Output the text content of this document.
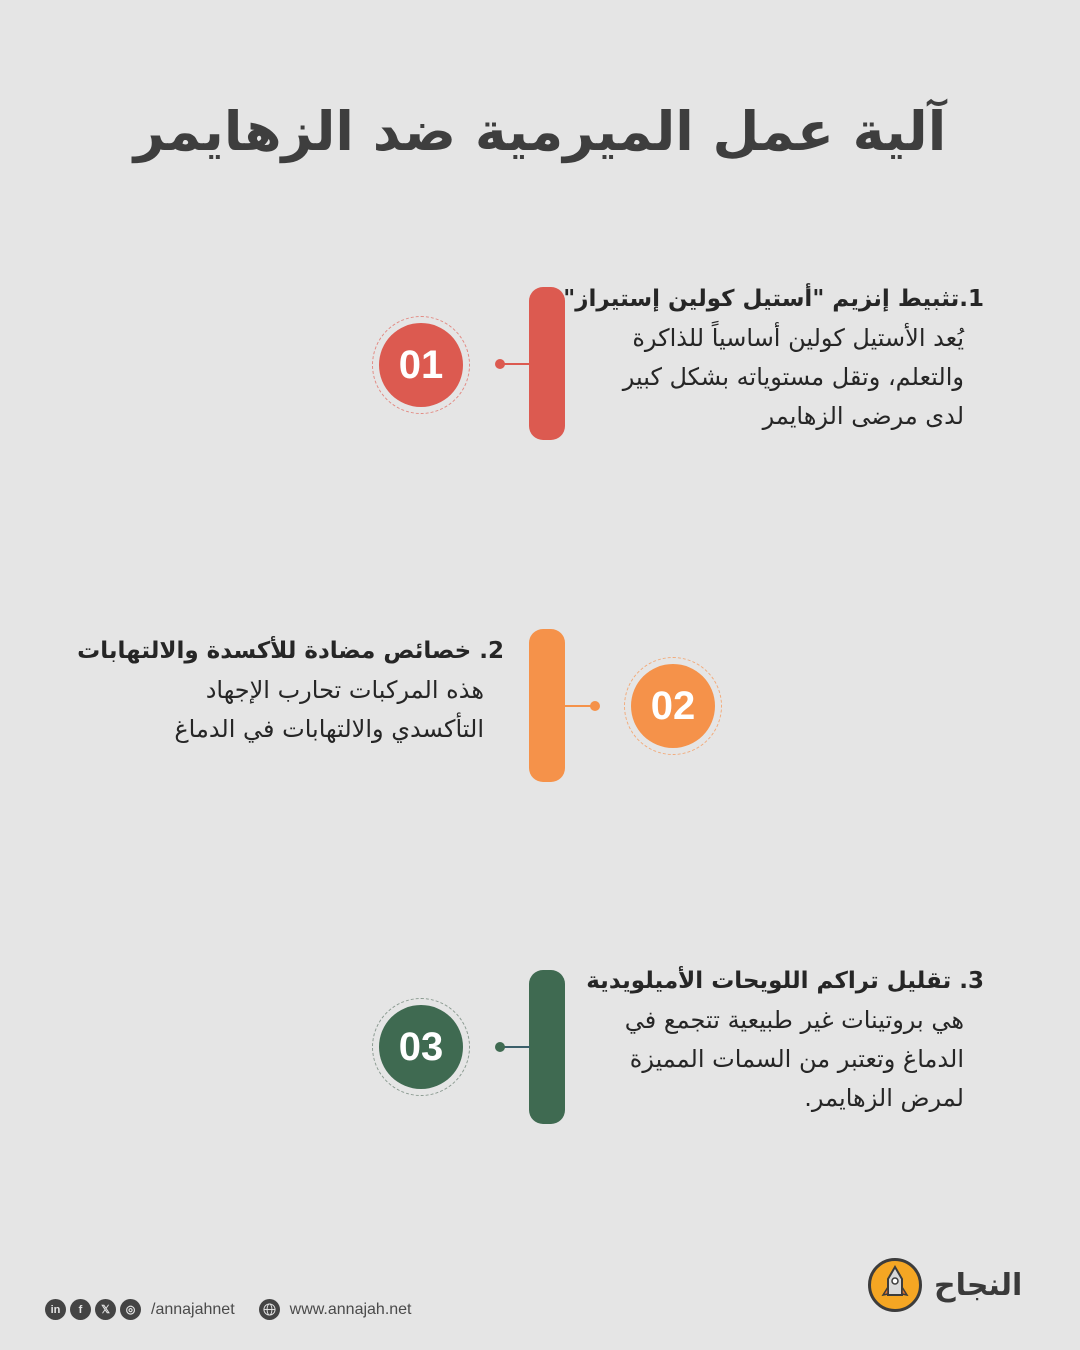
آلية عمل الميرمية ضد الزهايمر
01
1.تثبيط إنزيم "أستيل كولين إستيراز"
يُعد الأستيل كولين أساسياً للذاكرة
والتعلم، وتقل مستوياته بشكل كبير
لدى مرضى الزهايمر
02
2. خصائص مضادة للأكسدة والالتهابات
هذه المركبات تحارب الإجهاد
التأكسدي والالتهابات في الدماغ
03
3. تقليل تراكم اللويحات الأميلويدية
هي بروتينات غير طبيعية تتجمع في
الدماغ وتعتبر من السمات المميزة
لمرض الزهايمر.
in	f	𝕏	◎ /annajahnet	www.annajah.net
النجاح
